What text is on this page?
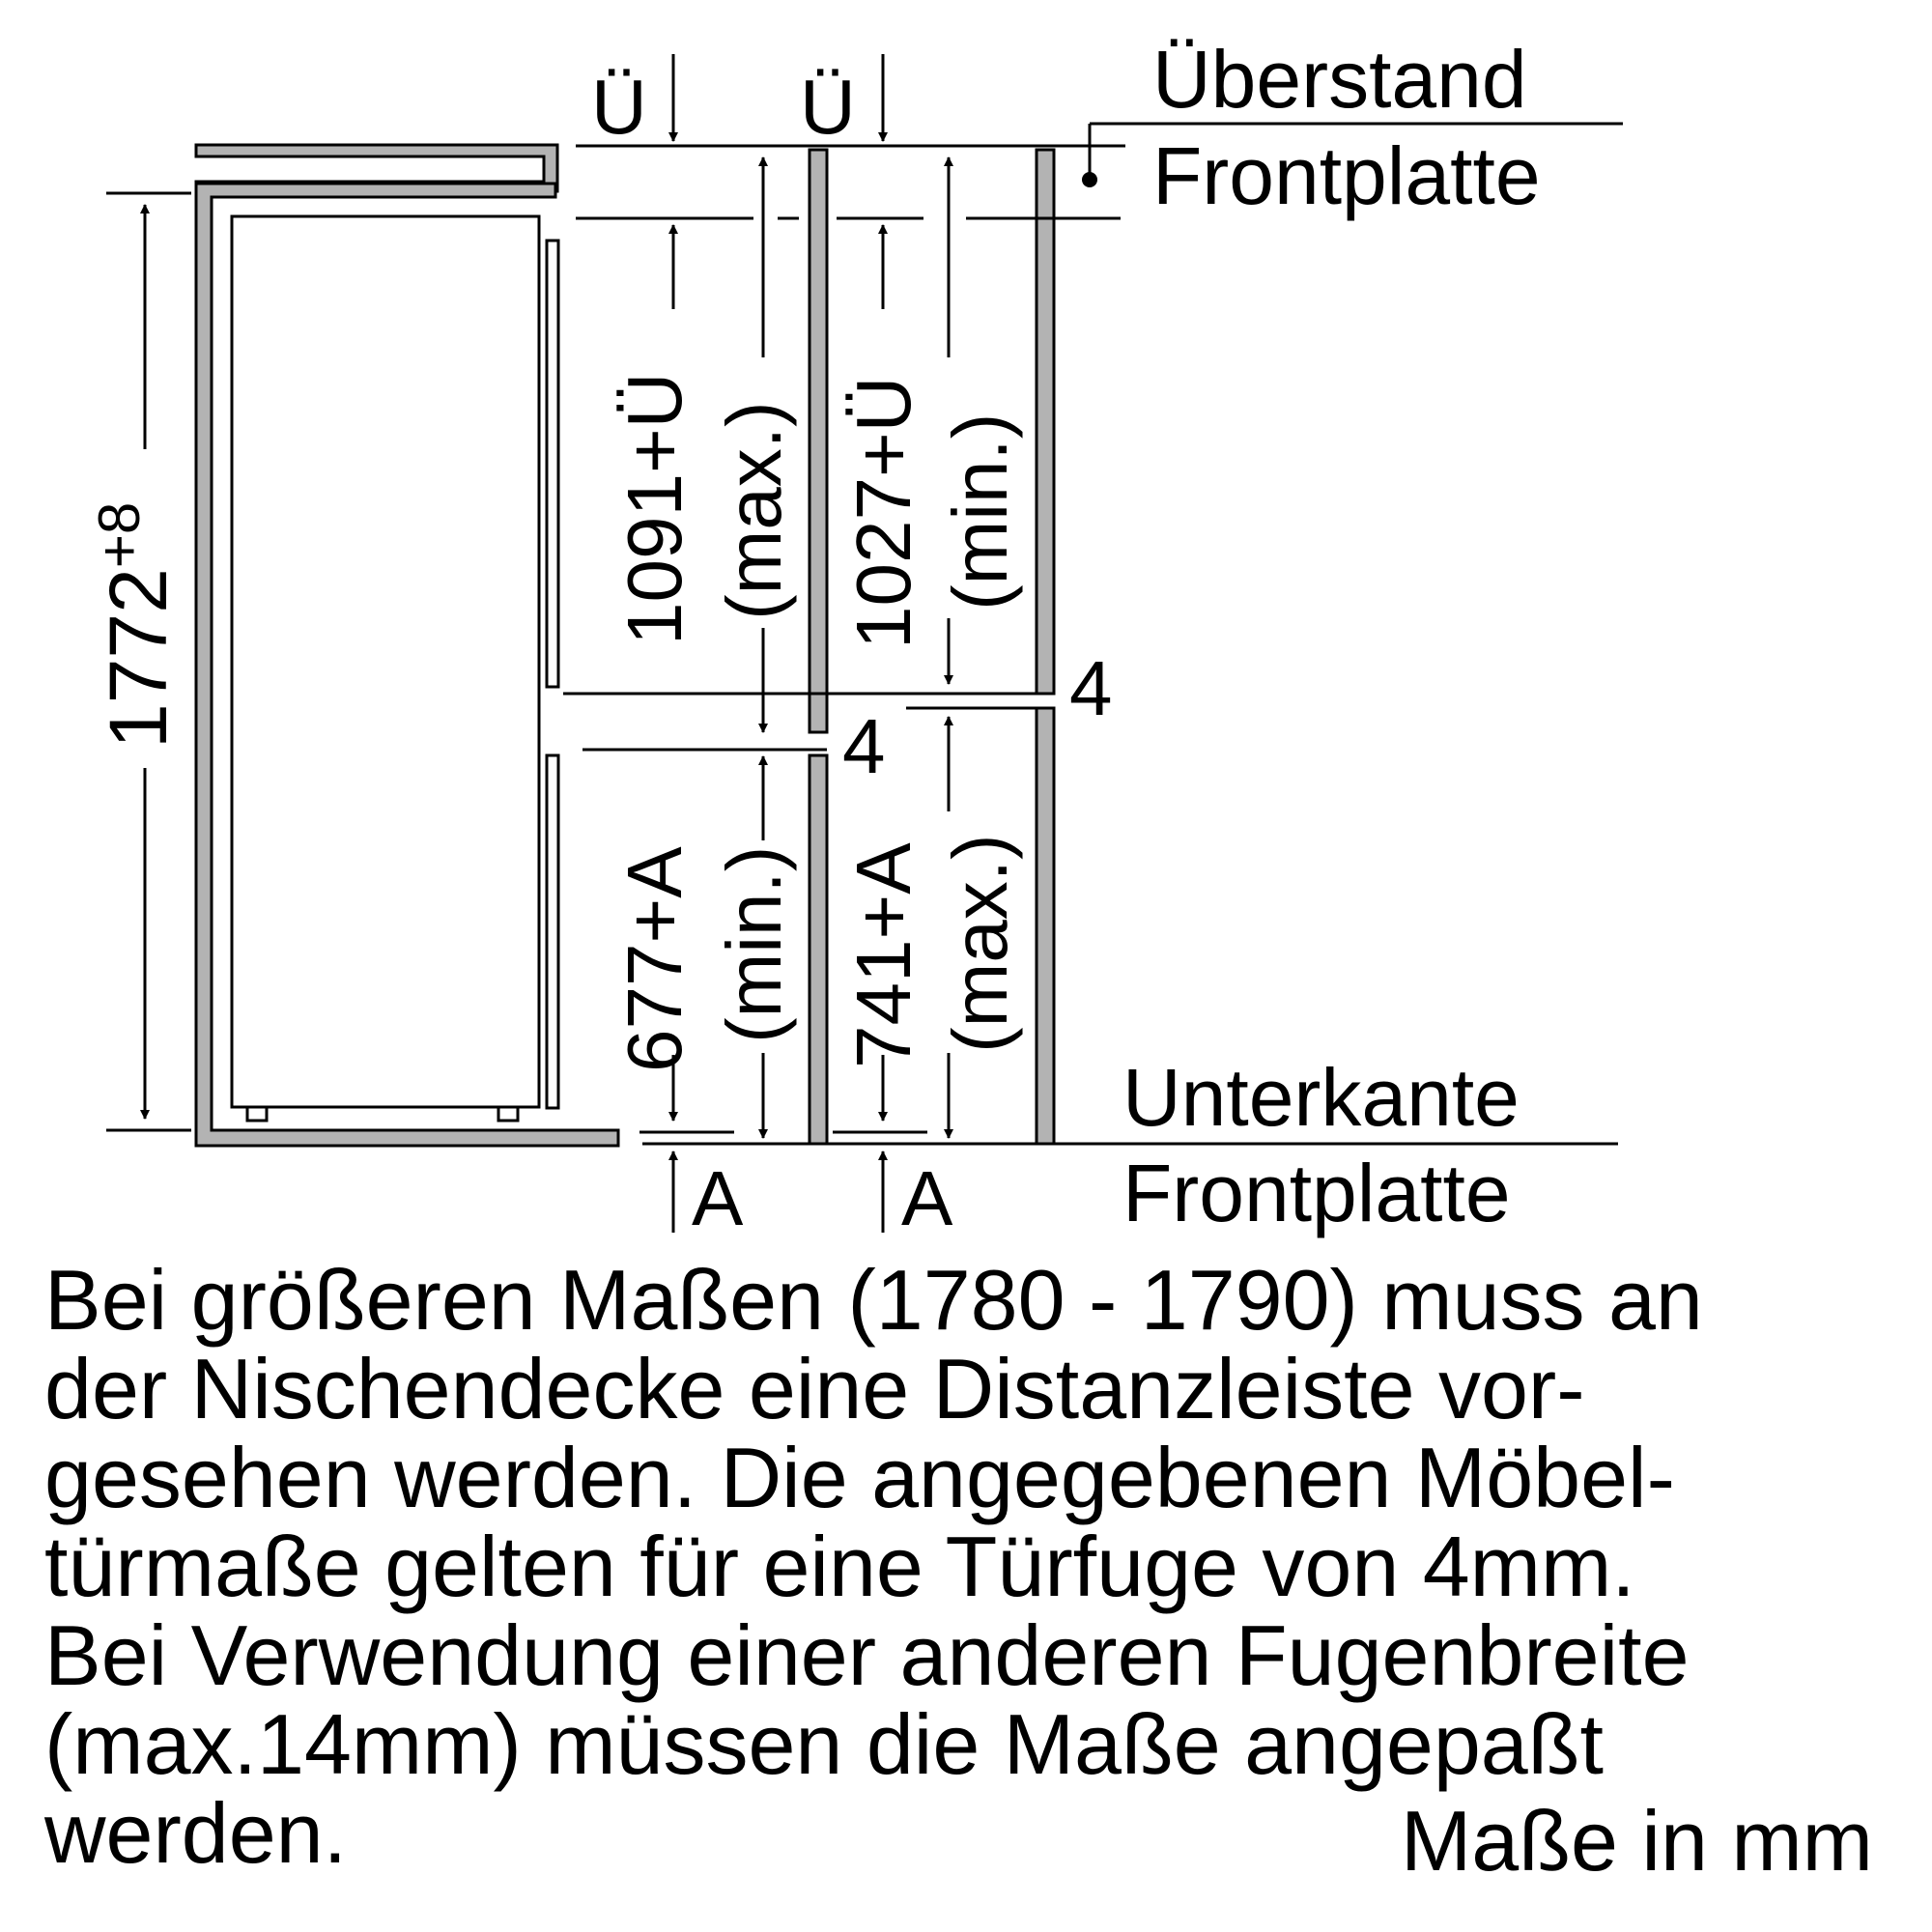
$1772^{+8}$
Ü Ü
1091+Ü (max.) 1027+Ü (min.)
4
4
677+A (min.) 741+A (max.)
A A
Überstand
Frontplatte
Unterkante
Frontplatte

Bei größeren Maßen (1780 - 1790) muss an

der Nischendecke eine Distanzleiste vor-

gesehen werden. Die angegebenen Möbel-

türmaße gelten für eine Türfuge von 4mm.

Bei Verwendung einer anderen Fugenbreite

(max.14mm) müssen die Maße angepaßt

werden.	Maße in mm
